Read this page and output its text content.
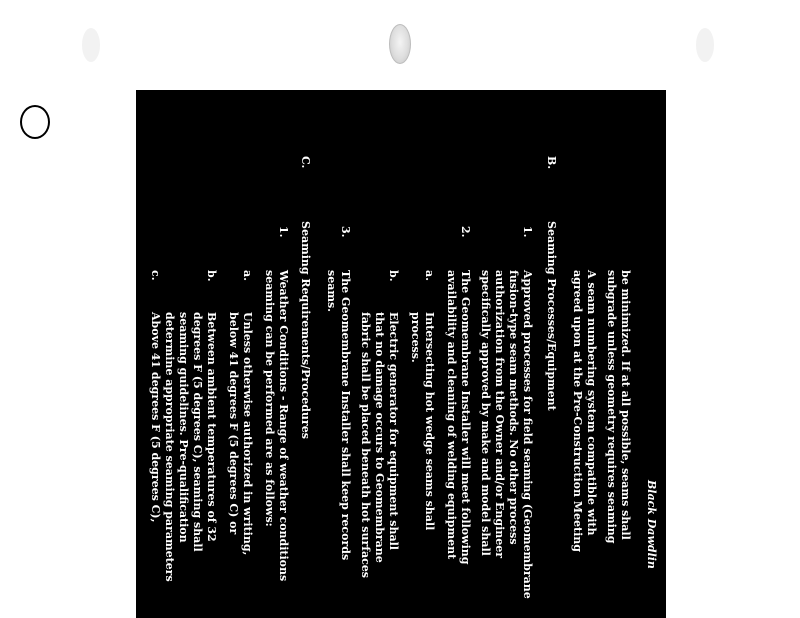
Black Dawdlin
be minimized. If at all possible, seams shall
subgrade unless geometry requires seaming
A seam numbering system compatible with
agreed upon at the Pre-Construction Meeting
B.
Seaming Processes/Equipment
1.
Approved processes for field seaming (Geomembrane
fusion-type seam methods. No other process
authorization from the Owner and/or Engineer
specifically approved by make and model shall
2.
The Geomembrane Installer will meet following
availability and cleaning of welding equipment
a.
Intersecting hot wedge seams shall
process.
b.
Electric generator for equipment shall
that no damage occurs to Geomembrane
fabric shall be placed beneath hot surfaces
3.
The Geomembrane Installer shall keep records
seams.
C.
Seaming Requirements/Procedures
1.
Weather Conditions - Range of weather conditions
seaming can be performed are as follows:
a.
Unless otherwise authorized in writing,
below 41 degrees F (5 degrees C) or
b.
Between ambient temperatures of 32
degrees F (5 degrees C), seaming shall
seaming guidelines. Pre-qualification
determine appropriate seaming parameters
c.
Above 41 degrees F (5 degrees C),
